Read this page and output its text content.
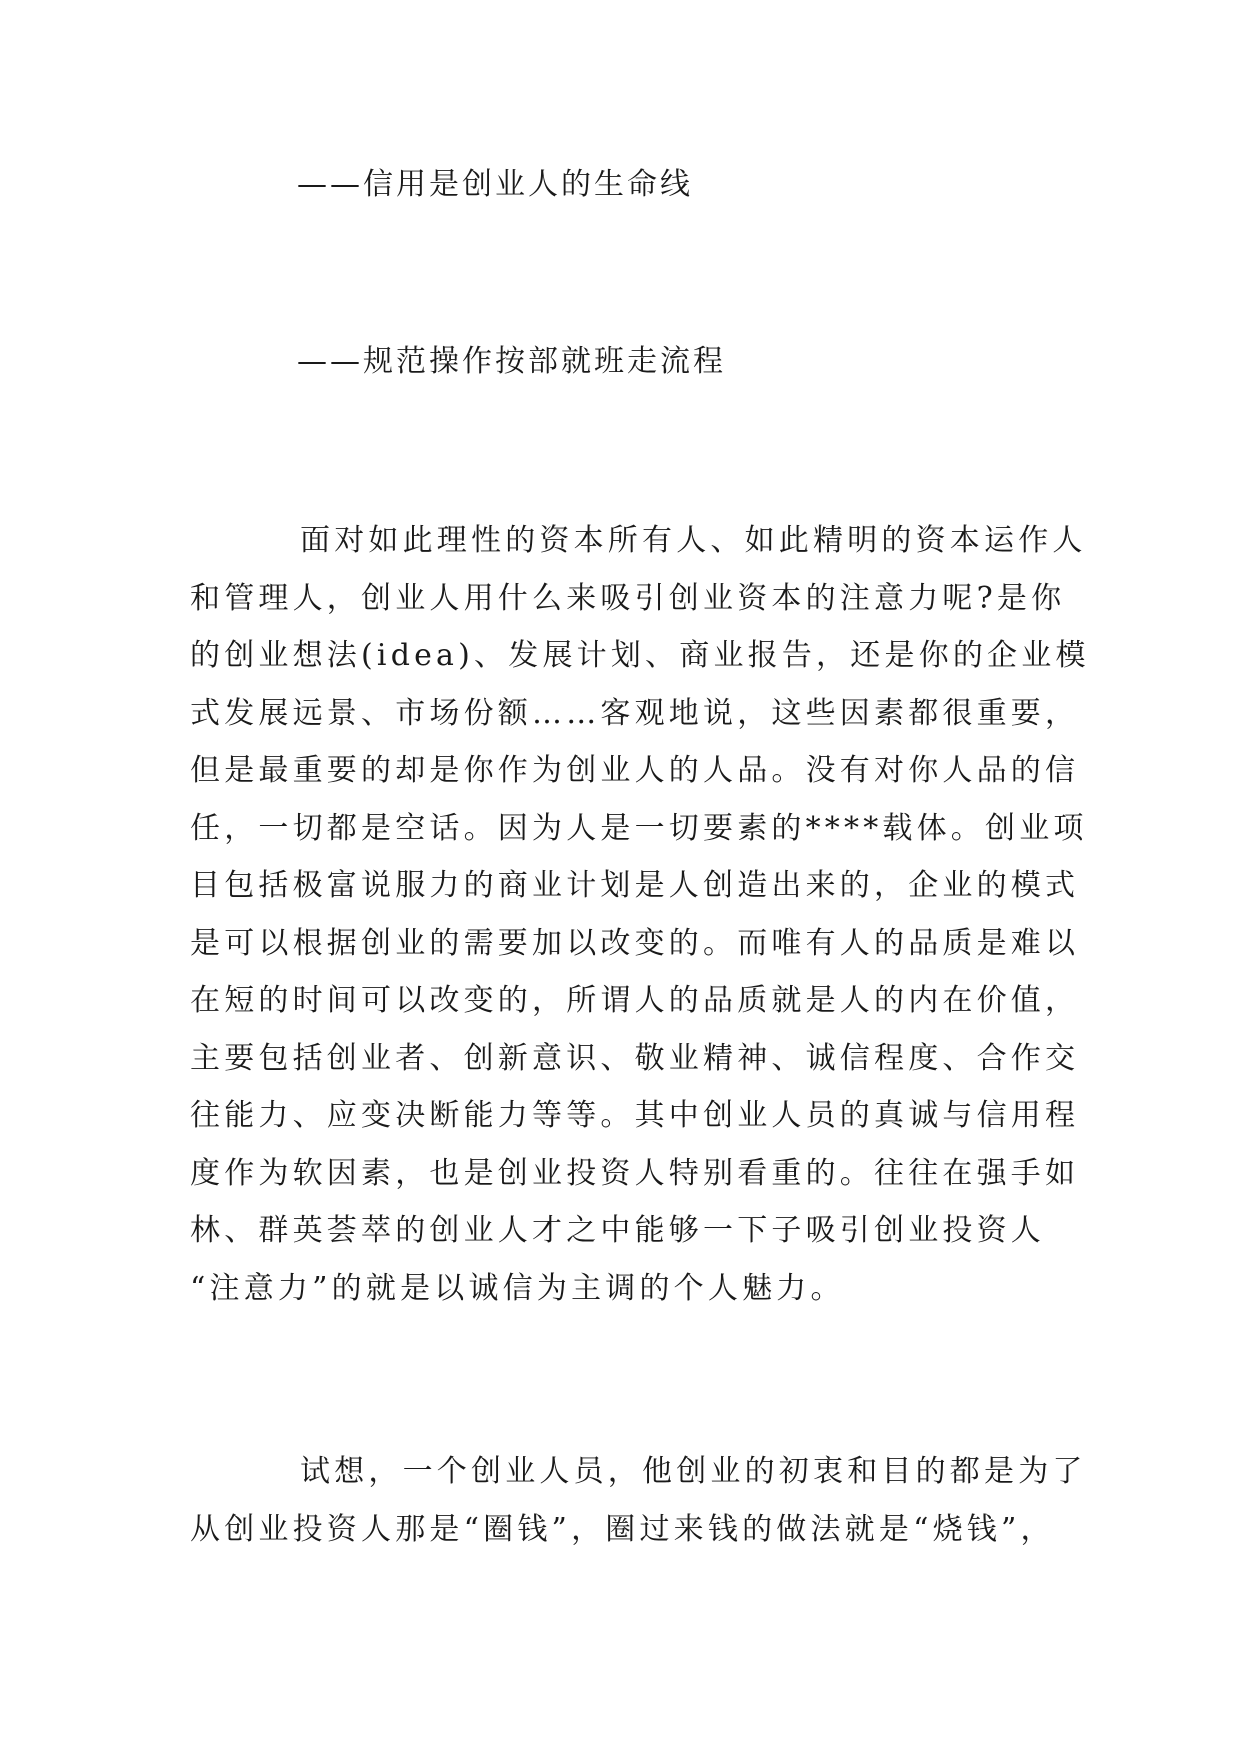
——信用是创业人的生命线
——规范操作按部就班走流程
面对如此理性的资本所有人、如此精明的资本运作人
和管理人，创业人用什么来吸引创业资本的注意力呢?是你
的创业想法(idea)、发展计划、商业报告，还是你的企业模
式发展远景、市场份额……客观地说，这些因素都很重要，
但是最重要的却是你作为创业人的人品。没有对你人品的信
任，一切都是空话。因为人是一切要素的****载体。创业项
目包括极富说服力的商业计划是人创造出来的，企业的模式
是可以根据创业的需要加以改变的。而唯有人的品质是难以
在短的时间可以改变的，所谓人的品质就是人的内在价值，
主要包括创业者、创新意识、敬业精神、诚信程度、合作交
往能力、应变决断能力等等。其中创业人员的真诚与信用程
度作为软因素，也是创业投资人特别看重的。往往在强手如
林、群英荟萃的创业人才之中能够一下子吸引创业投资人
“注意力”的就是以诚信为主调的个人魅力。
试想，一个创业人员，他创业的初衷和目的都是为了
从创业投资人那是“圈钱”，圈过来钱的做法就是“烧钱”，
